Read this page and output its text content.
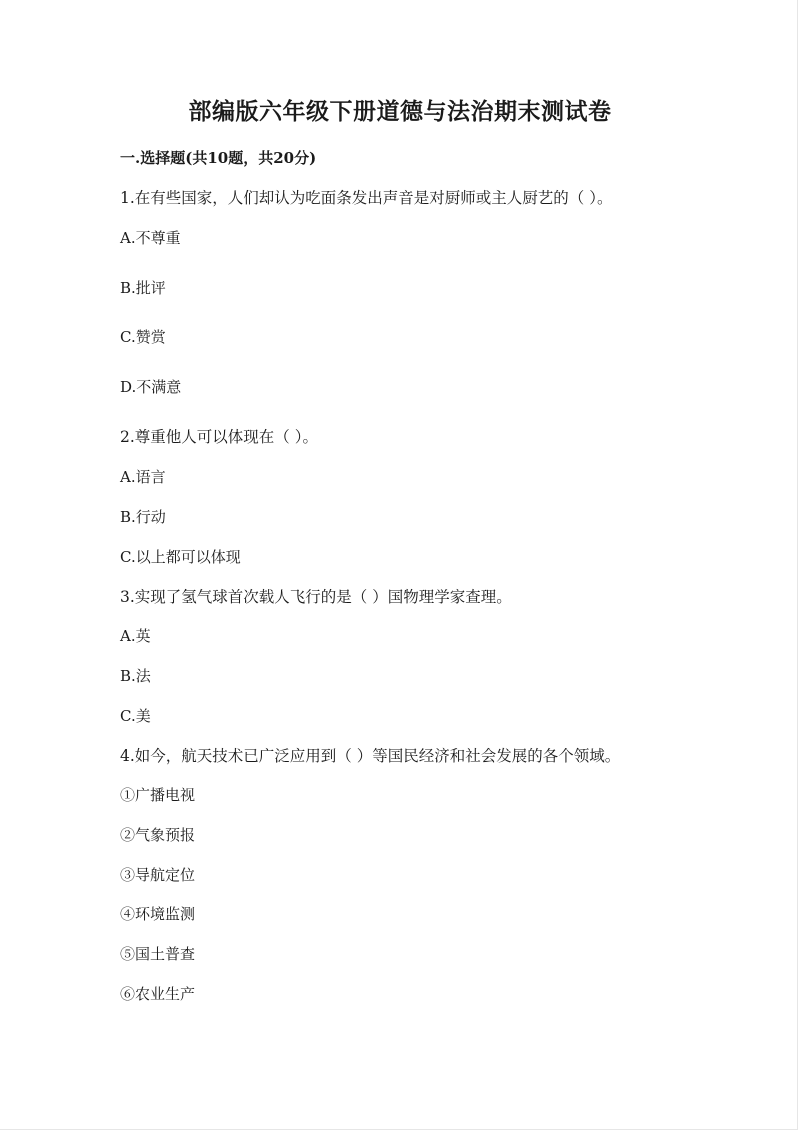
部编版六年级下册道德与法治期末测试卷
一.选择题(共10题，共20分)

1.在有些国家，人们却认为吃面条发出声音是对厨师或主人厨艺的（ ）。

A.不尊重

B.批评

C.赞赏

D.不满意

2.尊重他人可以体现在（ ）。

A.语言

B.行动

C.以上都可以体现

3.实现了氢气球首次载人飞行的是（ ）国物理学家查理。

A.英

B.法

C.美

4.如今，航天技术已广泛应用到（ ）等国民经济和社会发展的各个领域。

①广播电视

②气象预报

③导航定位

④环境监测

⑤国土普查

⑥农业生产
